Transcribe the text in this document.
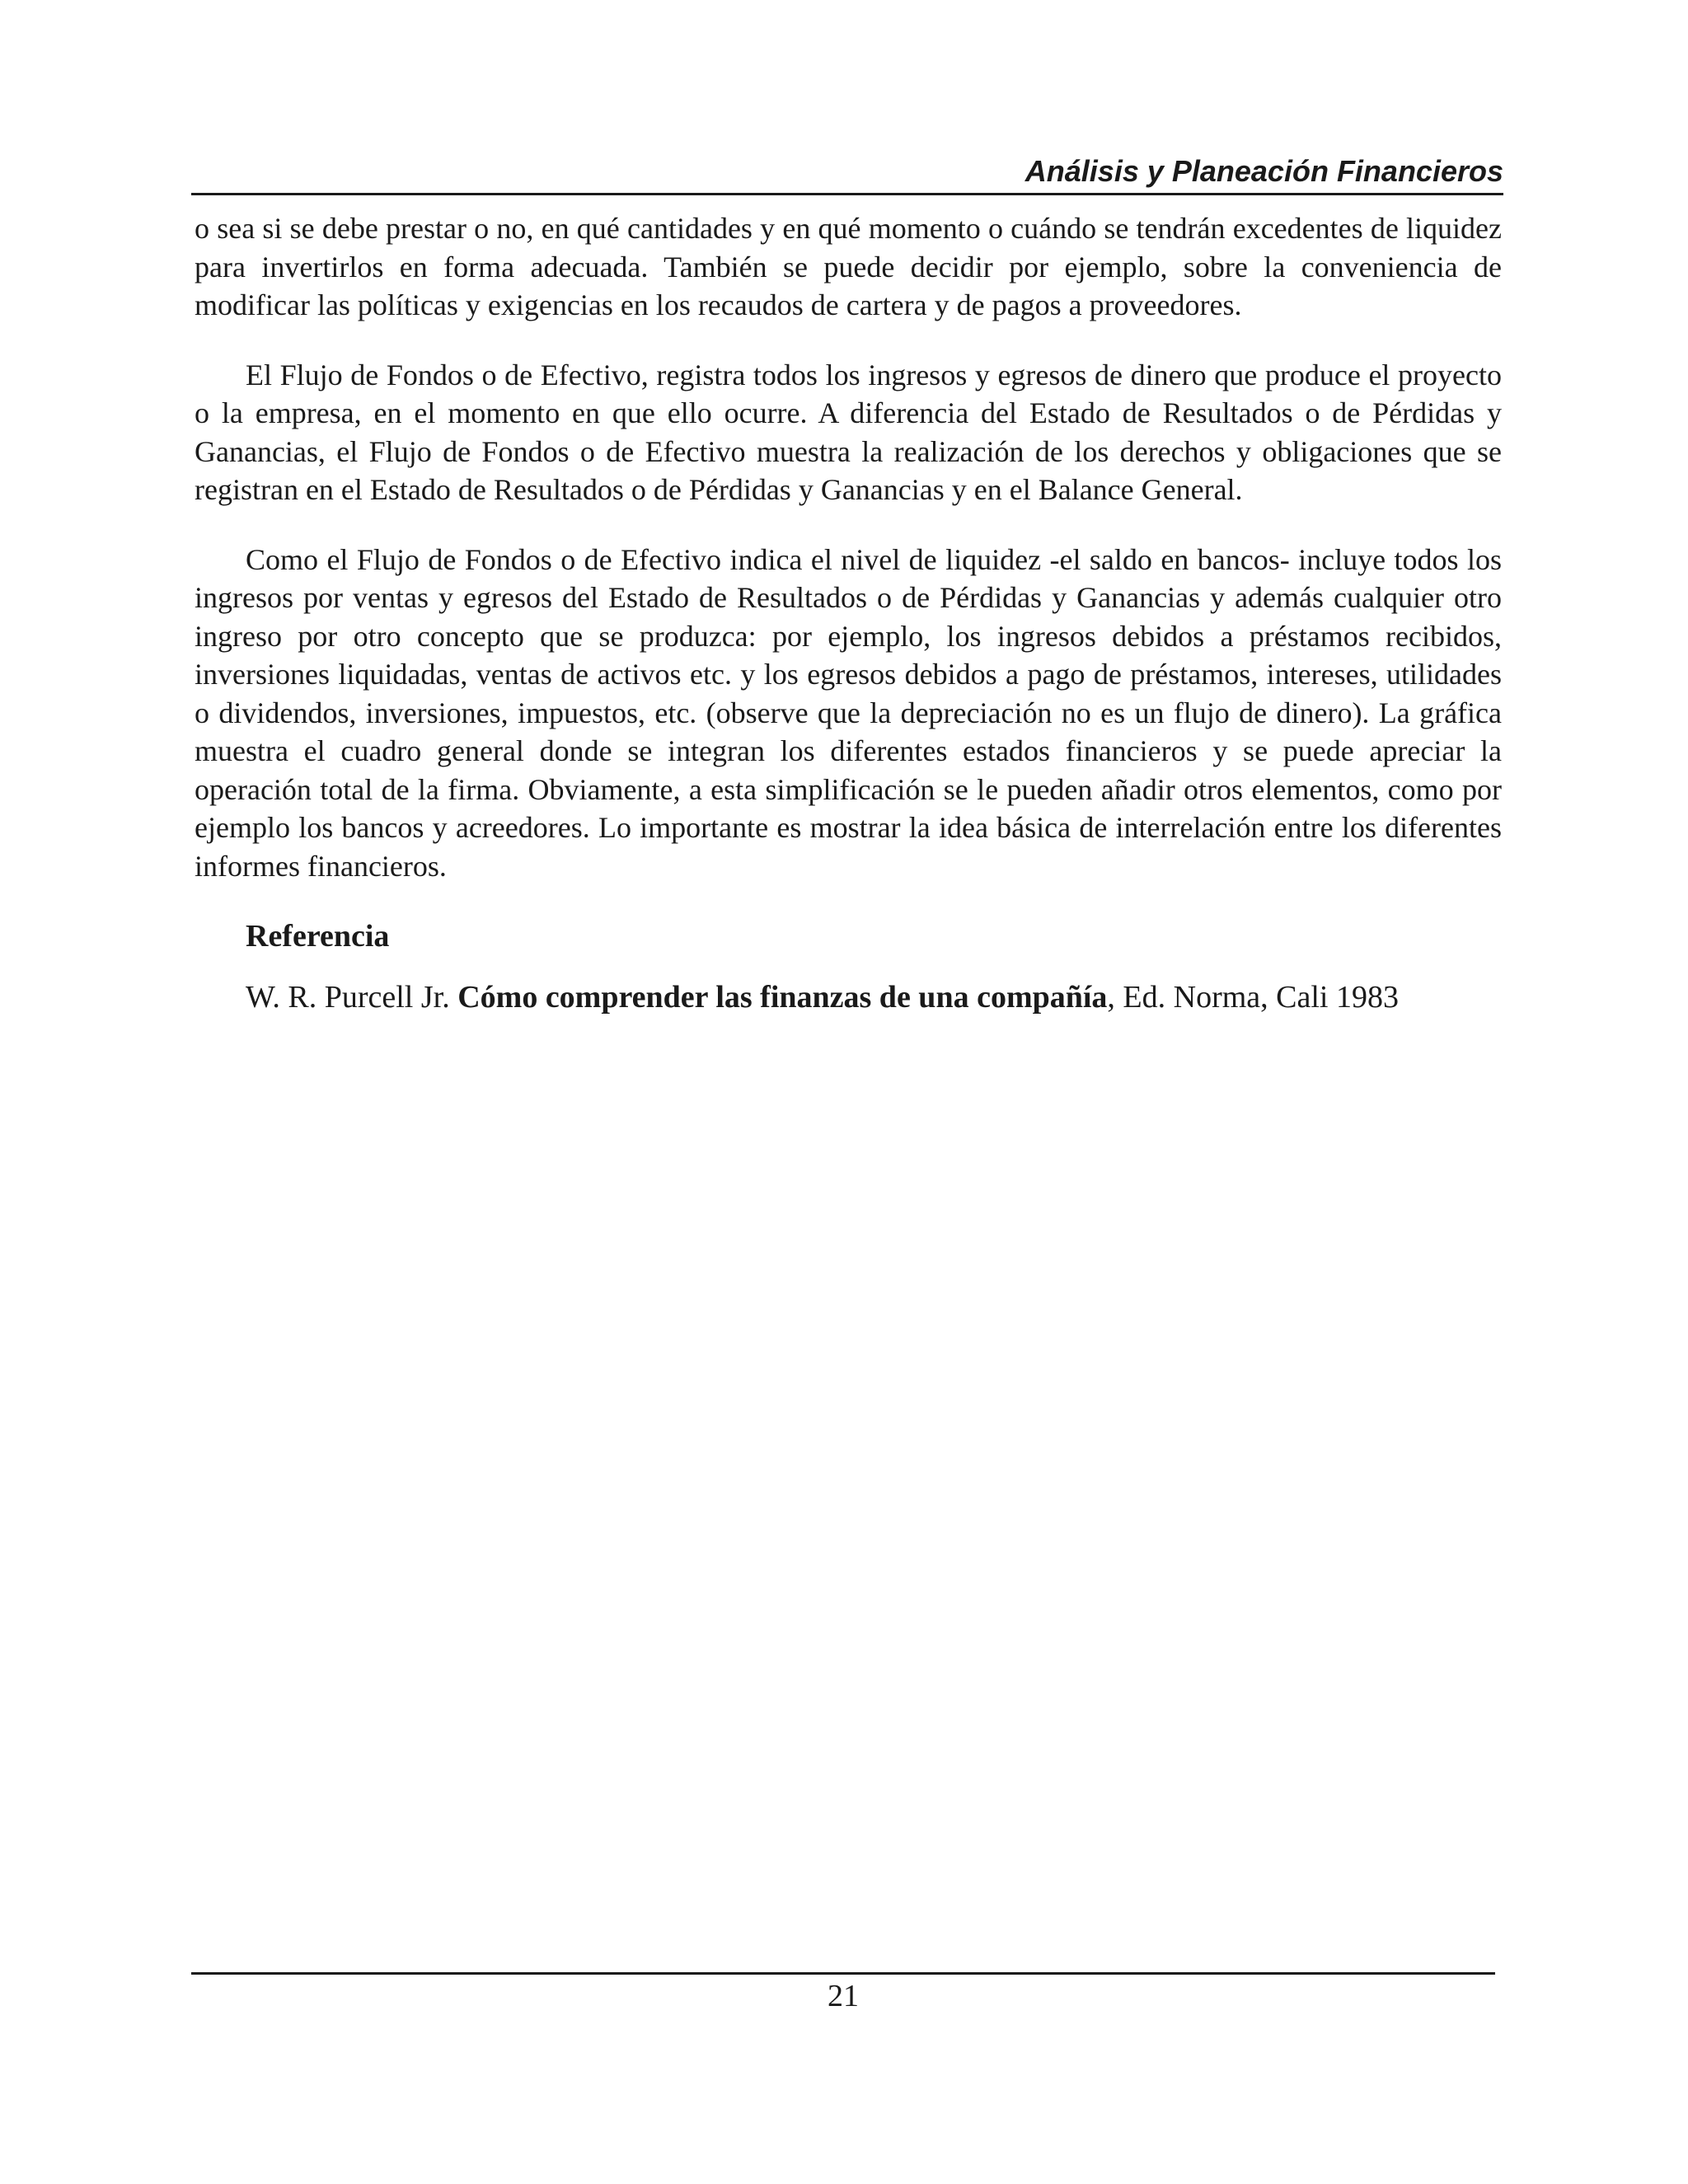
Análisis y Planeación Financieros

o sea si se debe prestar o no, en qué cantidades y en qué momento o cuándo se tendrán excedentes de liquidez para invertirlos en forma adecuada. También se puede decidir por ejemplo, sobre la conveniencia de modificar las políticas y exigencias en los recaudos de cartera y de pagos a proveedores.

El Flujo de Fondos o de Efectivo, registra todos los ingresos y egresos de dinero que produce el proyecto o la empresa, en el momento en que ello ocurre. A diferencia del Estado de Resultados o de Pérdidas y Ganancias, el Flujo de Fondos o de Efectivo muestra la realización de los derechos y obligaciones que se registran en el Estado de Resultados o de Pérdidas y Ganancias y en el Balance General.

Como el Flujo de Fondos o de Efectivo indica el nivel de liquidez -el saldo en bancos- incluye todos los ingresos por ventas y egresos del Estado de Resultados o de Pérdidas y Ganancias y además cualquier otro ingreso por otro concepto que se produzca: por ejemplo, los ingresos debidos a préstamos recibidos, inversiones liquidadas, ventas de activos etc. y los egresos debidos a pago de préstamos, intereses, utilidades o dividendos, inversiones, impuestos, etc. (observe que la depreciación no es un flujo de dinero). La gráfica muestra el cuadro general donde se integran los diferentes estados financieros y se puede apreciar la operación total de la firma. Obviamente, a esta simplificación se le pueden añadir otros elementos, como por ejemplo los bancos y acreedores. Lo importante es mostrar la idea básica de interrelación entre los diferentes informes financieros.

Referencia
W. R. Purcell Jr. Cómo comprender las finanzas de una compañía, Ed. Norma, Cali 1983
21
